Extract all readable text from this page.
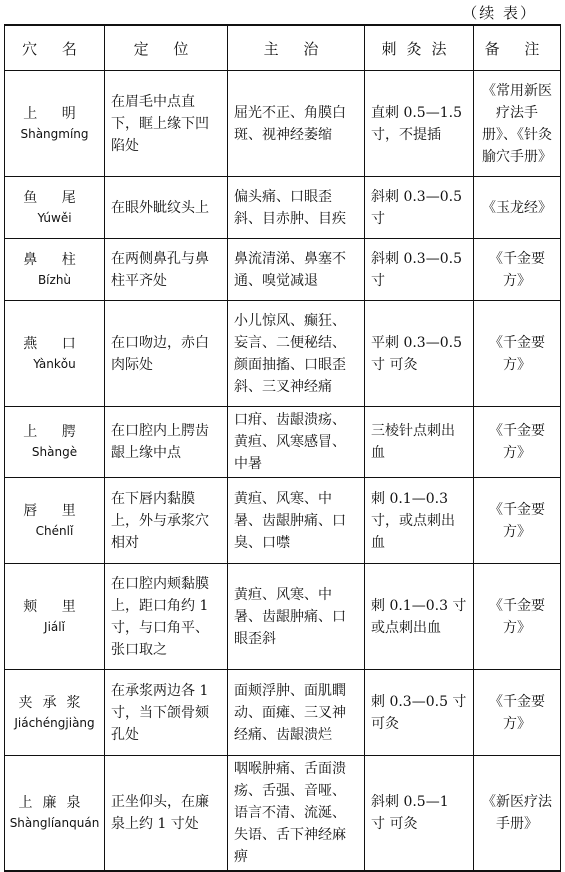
（续 表）
穴 名	定 位	主 治	刺灸法	备 注
上 明
Shàngmíng	在眉毛中点直下，眶上缘下凹陷处	屈光不正、角膜白斑、视神经萎缩	直刺 0.5—1.5 寸，不提插	《常用新医疗法手册》、《针灸腧穴手册》
鱼 尾
Yúwěi	在眼外眦纹头上	偏头痛、口眼歪斜、目赤肿、目疾	斜刺 0.3—0.5 寸	《玉龙经》
鼻 柱
Bízhù	在两侧鼻孔与鼻柱平齐处	鼻流清涕、鼻塞不通、嗅觉减退	斜刺 0.3—0.5 寸	《千金要方》
燕 口
Yànkǒu	在口吻边，赤白肉际处	小儿惊风、癫狂、妄言、二便秘结、颜面抽搐、口眼歪斜、三叉神经痛	平刺 0.3—0.5 寸 可灸	《千金要方》
上 腭
Shàngè	在口腔内上腭齿龈上缘中点	口疳、齿龈溃疡、黄疸、风寒感冒、中暑	三棱针点刺出血	《千金要方》
唇 里
Chénlǐ	在下唇内黏膜上，外与承浆穴相对	黄疸、风寒、中暑、齿龈肿痛、口臭、口噤	刺 0.1—0.3 寸，或点刺出血	《千金要方》
颊 里
Jiálǐ	在口腔内颊黏膜上，距口角约 1 寸，与口角平、张口取之	黄疸、风寒、中暑、齿龈肿痛、口眼歪斜	刺 0.1—0.3 寸或点刺出血	《千金要方》
夹承浆
Jiáchéngjiàng	在承浆两边各 1 寸，当下颌骨颏孔处	面颊浮肿、面肌瞤动、面瘫、三叉神经痛、齿龈溃烂	刺 0.3—0.5 寸 可灸	《千金要方》
上廉泉
Shànglíanquán	正坐仰头，在廉泉上约 1 寸处	咽喉肿痛、舌面溃疡、舌强、音哑、语言不清、流涎、失语、舌下神经麻痹	斜刺 0.5—1 寸 可灸	《新医疗法手册》
